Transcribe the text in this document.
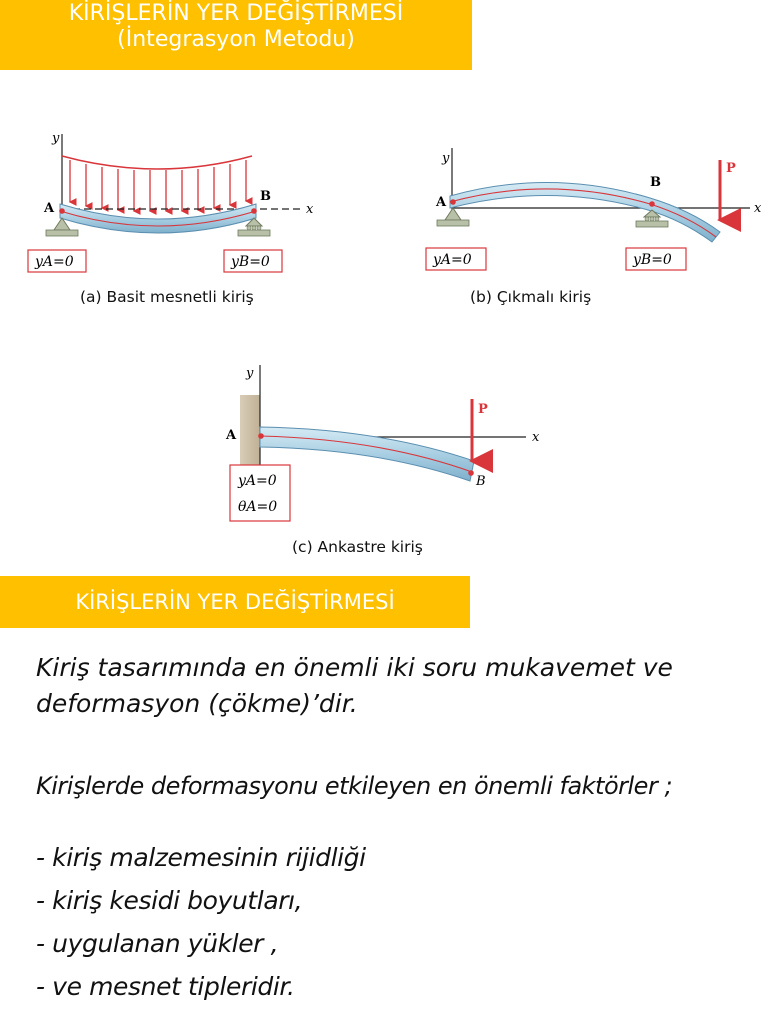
KİRİŞLERİN YER DEĞİŞTİRMESİ
(İntegrasyon Metodu)
y
x
A
B
yA=0	yB=0
(a) Basit mesnetli kiriş
y
x
A
B
P
yA=0	yB=0
(b) Çıkmalı kiriş
y
x
A
B
P
yA=0
θA=0
(c) Ankastre kiriş
KİRİŞLERİN YER DEĞİŞTİRMESİ
Kiriş tasarımında en önemli iki soru mukavemet ve
deformasyon (çökme)’dir.
Kirişlerde deformasyonu etkileyen en önemli faktörler ;
- kiriş malzemesinin rijidliği
- kiriş kesidi boyutları,
- uygulanan yükler ,
- ve mesnet tipleridir.
